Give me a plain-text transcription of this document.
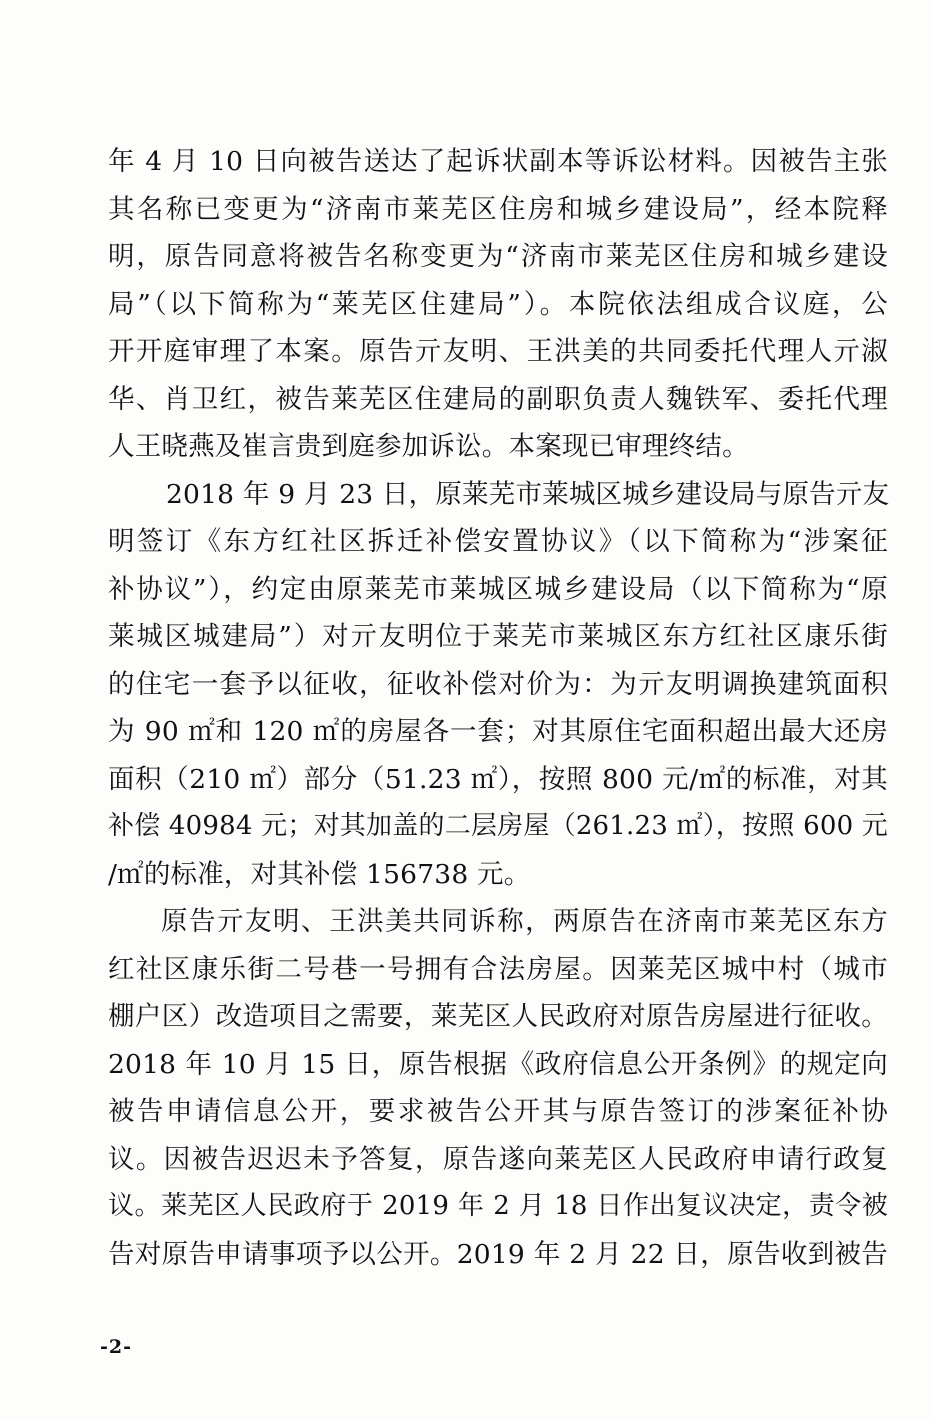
年 4 月 10 日向被告送达了起诉状副本等诉讼材料。因被告主张
其名称已变更为“济南市莱芜区住房和城乡建设局”，经本院释
明，原告同意将被告名称变更为“济南市莱芜区住房和城乡建设
局”（以下简称为“莱芜区住建局”）。本院依法组成合议庭，公
开开庭审理了本案。原告亓友明、王洪美的共同委托代理人亓淑
华、肖卫红，被告莱芜区住建局的副职负责人魏铁军、委托代理
人王晓燕及崔言贵到庭参加诉讼。本案现已审理终结。
2018 年 9 月 23 日，原莱芜市莱城区城乡建设局与原告亓友
明签订《东方红社区拆迁补偿安置协议》（以下简称为“涉案征
补协议”），约定由原莱芜市莱城区城乡建设局（以下简称为“原
莱城区城建局”）对亓友明位于莱芜市莱城区东方红社区康乐街
的住宅一套予以征收，征收补偿对价为：为亓友明调换建筑面积
为 90 ㎡和 120 ㎡的房屋各一套；对其原住宅面积超出最大还房
面积（210 ㎡）部分（51.23 ㎡），按照 800 元/㎡的标准，对其
补偿 40984 元；对其加盖的二层房屋（261.23 ㎡），按照 600 元
/㎡的标准，对其补偿 156738 元。
原告亓友明、王洪美共同诉称，两原告在济南市莱芜区东方
红社区康乐街二号巷一号拥有合法房屋。因莱芜区城中村（城市
棚户区）改造项目之需要，莱芜区人民政府对原告房屋进行征收。
2018 年 10 月 15 日，原告根据《政府信息公开条例》的规定向
被告申请信息公开，要求被告公开其与原告签订的涉案征补协
议。因被告迟迟未予答复，原告遂向莱芜区人民政府申请行政复
议。莱芜区人民政府于 2019 年 2 月 18 日作出复议决定，责令被
告对原告申请事项予以公开。2019 年 2 月 22 日，原告收到被告
-2-
